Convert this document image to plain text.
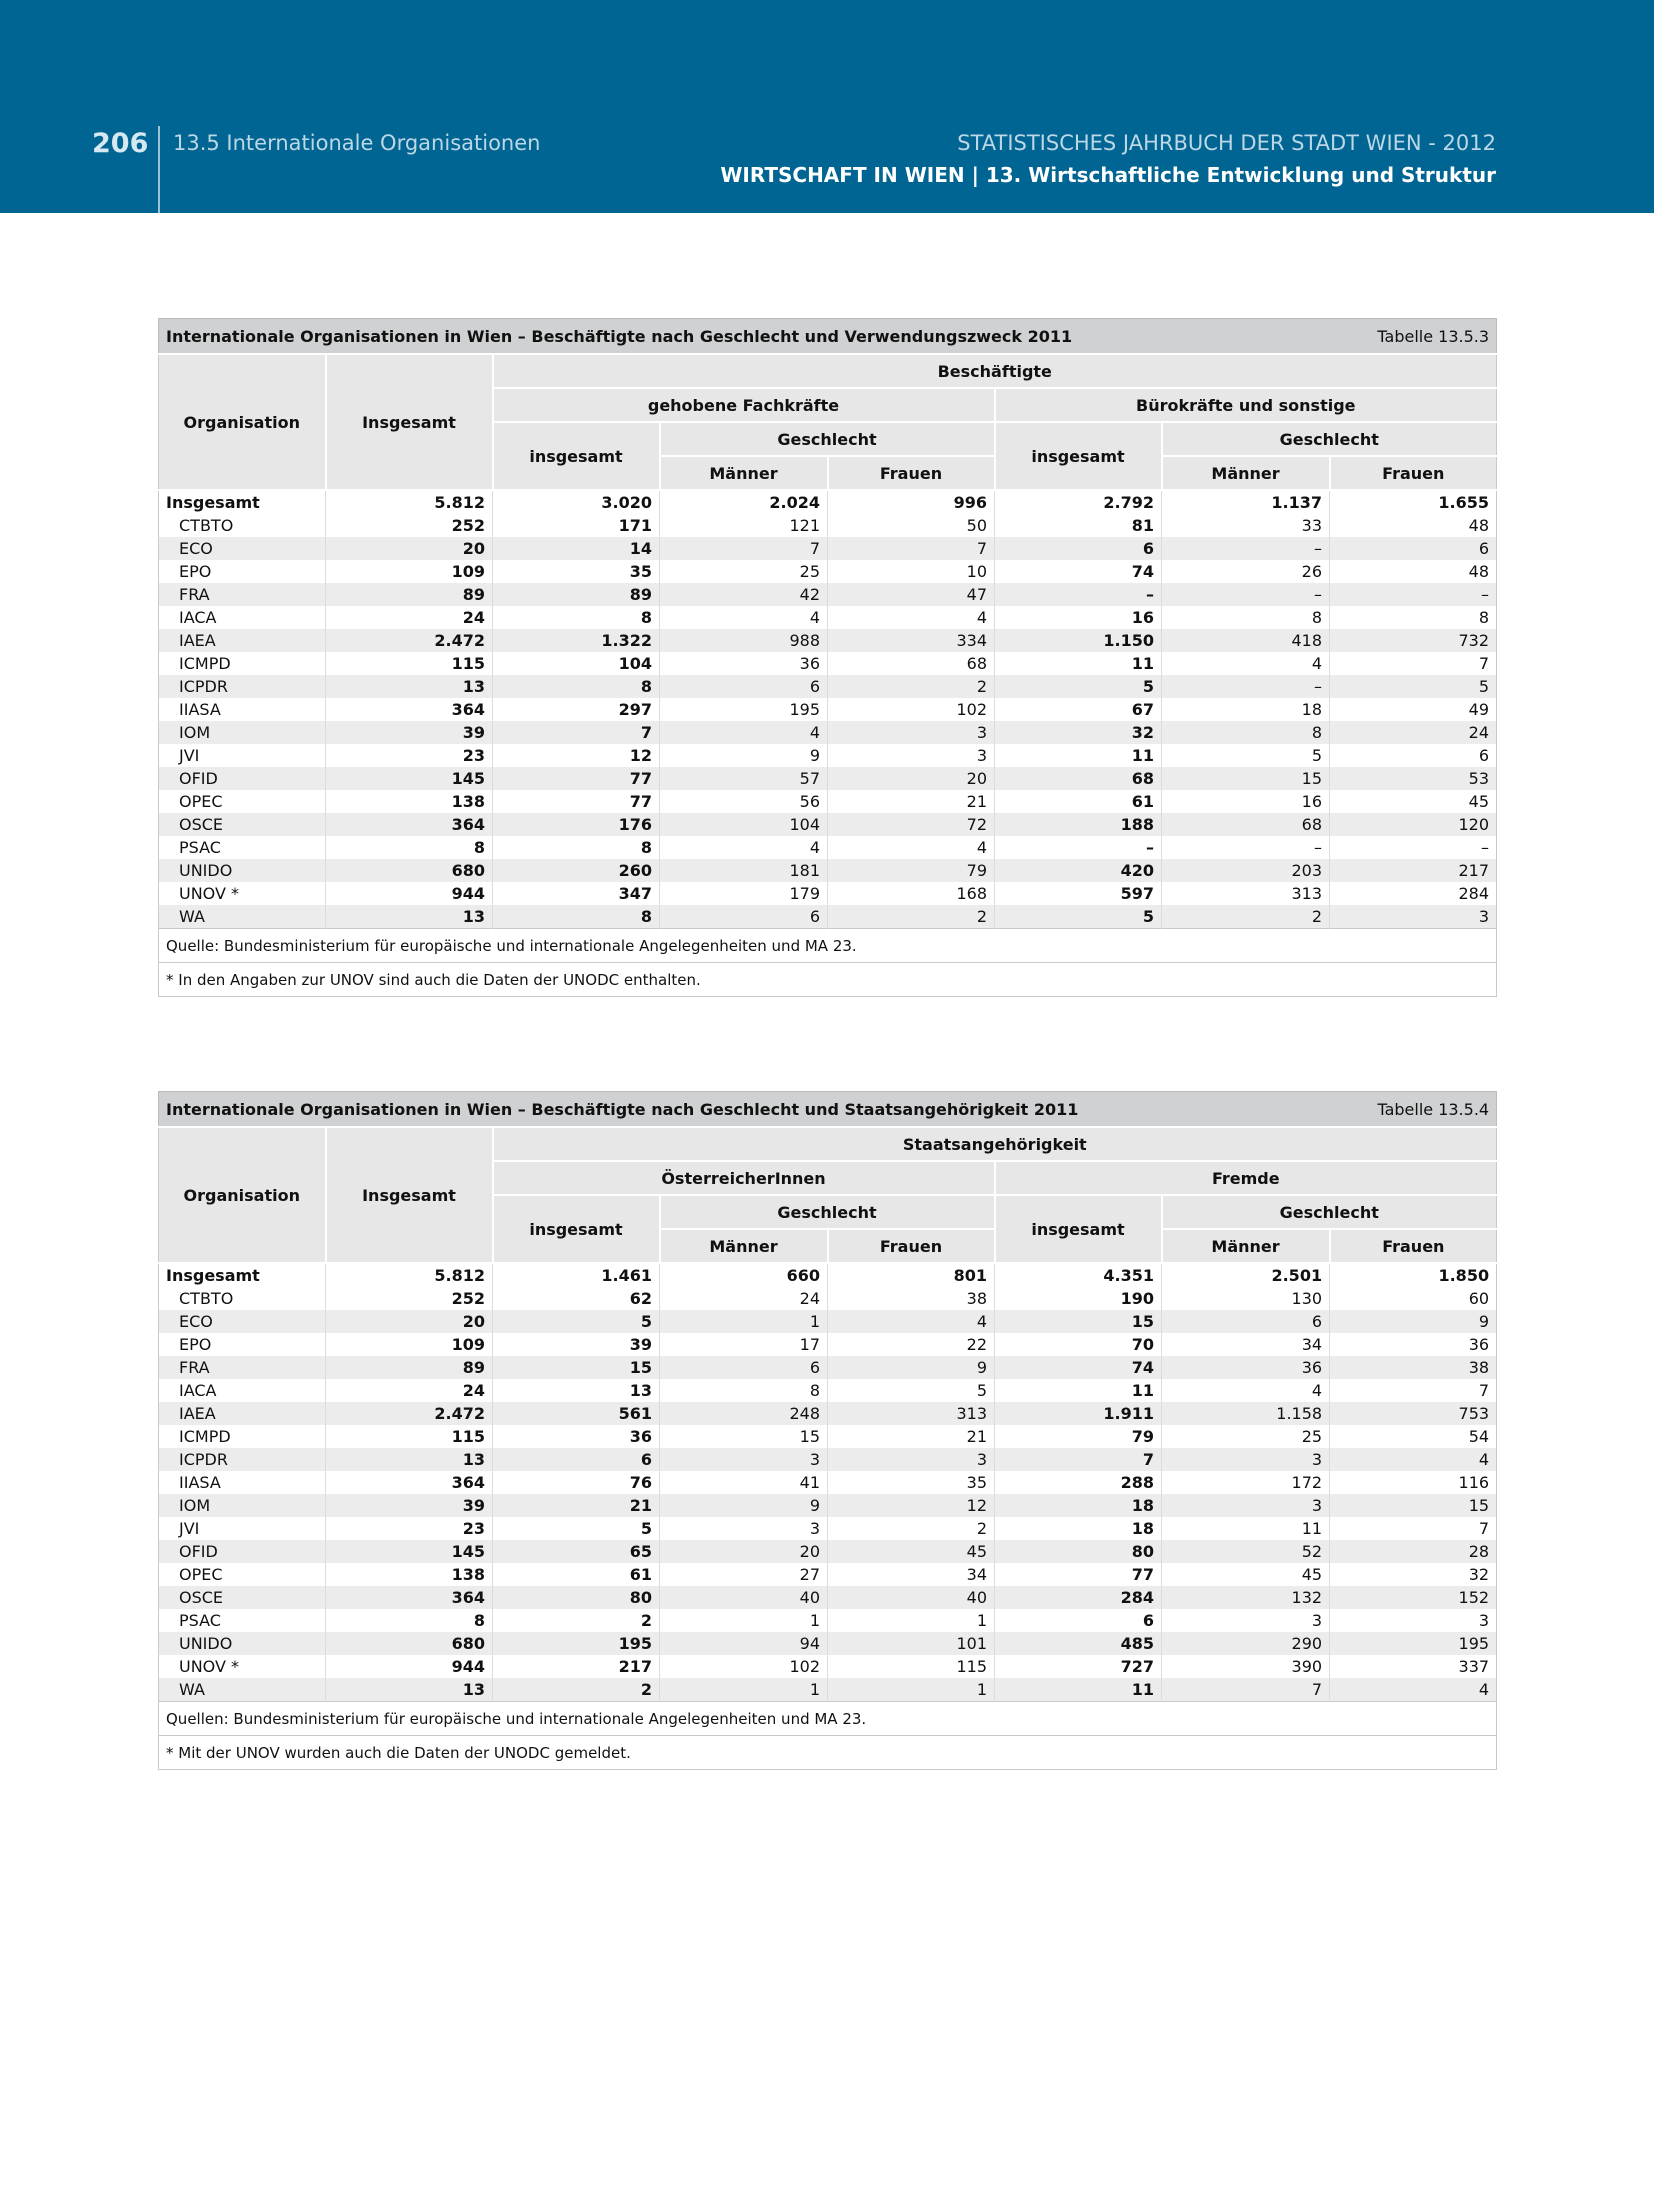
206 13.5 Internationale Organisationen	STATISTISCHES JAHRBUCH DER STADT WIEN - 2012
WIRTSCHAFT IN WIEN | 13. Wirtschaftliche Entwicklung und Struktur
Internationale Organisationen in Wien – Beschäftigte nach Geschlecht und Verwendungszweck 2011							Tabelle 13.5.3
Organisation	Insgesamt	Beschäftigte					
		gehobene Fachkräfte			Bürokräfte und sonstige		
		insgesamt	Geschlecht		insgesamt	Geschlecht	
			Männer	Frauen		Männer	Frauen
Insgesamt	5.812	3.020	2.024	996	2.792	1.137	1.655
CTBTO	252	171	121	50	81	33	48
ECO	20	14	7	7	6	–	6
EPO	109	35	25	10	74	26	48
FRA	89	89	42	47	–	–	–
IACA	24	8	4	4	16	8	8
IAEA	2.472	1.322	988	334	1.150	418	732
ICMPD	115	104	36	68	11	4	7
ICPDR	13	8	6	2	5	–	5
IIASA	364	297	195	102	67	18	49
IOM	39	7	4	3	32	8	24
JVI	23	12	9	3	11	5	6
OFID	145	77	57	20	68	15	53
OPEC	138	77	56	21	61	16	45
OSCE	364	176	104	72	188	68	120
PSAC	8	8	4	4	–	–	–
UNIDO	680	260	181	79	420	203	217
UNOV *	944	347	179	168	597	313	284
WA	13	8	6	2	5	2	3
Quelle: Bundesministerium für europäische und internationale Angelegenheiten und MA 23.							
* In den Angaben zur UNOV sind auch die Daten der UNODC enthalten.							
Internationale Organisationen in Wien – Beschäftigte nach Geschlecht und Staatsangehörigkeit 2011							Tabelle 13.5.4
Organisation	Insgesamt	Staatsangehörigkeit					
		ÖsterreicherInnen			Fremde		
		insgesamt	Geschlecht		insgesamt	Geschlecht	
			Männer	Frauen		Männer	Frauen
Insgesamt	5.812	1.461	660	801	4.351	2.501	1.850
CTBTO	252	62	24	38	190	130	60
ECO	20	5	1	4	15	6	9
EPO	109	39	17	22	70	34	36
FRA	89	15	6	9	74	36	38
IACA	24	13	8	5	11	4	7
IAEA	2.472	561	248	313	1.911	1.158	753
ICMPD	115	36	15	21	79	25	54
ICPDR	13	6	3	3	7	3	4
IIASA	364	76	41	35	288	172	116
IOM	39	21	9	12	18	3	15
JVI	23	5	3	2	18	11	7
OFID	145	65	20	45	80	52	28
OPEC	138	61	27	34	77	45	32
OSCE	364	80	40	40	284	132	152
PSAC	8	2	1	1	6	3	3
UNIDO	680	195	94	101	485	290	195
UNOV *	944	217	102	115	727	390	337
WA	13	2	1	1	11	7	4
Quellen: Bundesministerium für europäische und internationale Angelegenheiten und MA 23.							
* Mit der UNOV wurden auch die Daten der UNODC gemeldet.							
